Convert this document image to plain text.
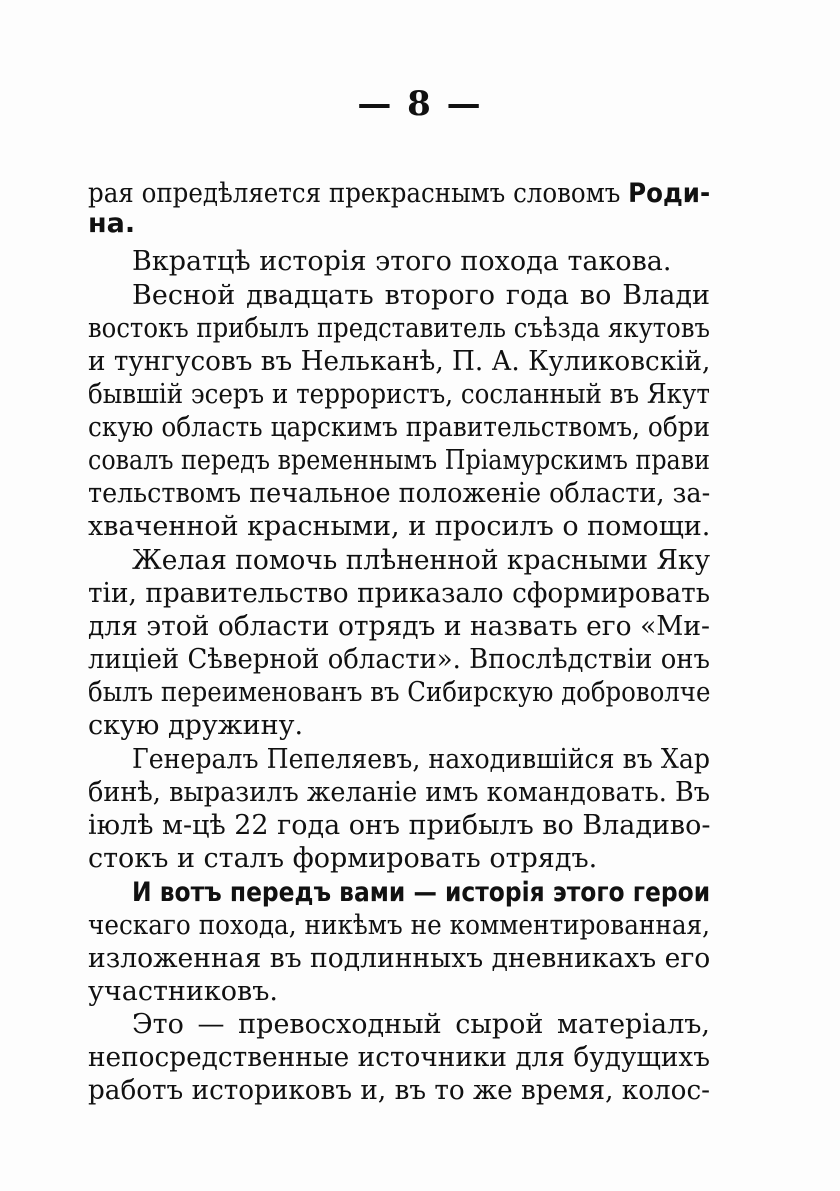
— 8 —
рая опредѣляется прекраснымъ словомъ Роди-
на.
Вкратцѣ исторія этого похода такова.
Весной двадцать второго года во Влади
востокъ прибылъ представитель съѣзда якутовъ
и тунгусовъ въ Нельканѣ, П. А. Куликовскій,
бывшій эсеръ и террористъ, сосланный въ Якут
скую область царскимъ правительствомъ, обри
совалъ передъ временнымъ Пріамурскимъ прави
тельствомъ печальное положеніе области, за-
хваченной красными, и просилъ о помощи.
Желая помочь плѣненной красными Яку
тіи, правительство приказало сформировать
для этой области отрядъ и назвать его «Ми-
лиціей Сѣверной области». Впослѣдствіи онъ
былъ переименованъ въ Сибирскую доброволче
скую дружину.
Генералъ Пепеляевъ, находившійся въ Хар
бинѣ, выразилъ желаніе имъ командовать. Въ
іюлѣ м-цѣ 22 года онъ прибылъ во Владиво-
стокъ и сталъ формировать отрядъ.
И вотъ передъ вами — исторія этого герои
ческаго похода, никѣмъ не комментированная,
изложенная въ подлинныхъ дневникахъ его
участниковъ.
Это — превосходный сырой матеріалъ,
непосредственные источники для будущихъ
работъ историковъ и, въ то же время, колос-
